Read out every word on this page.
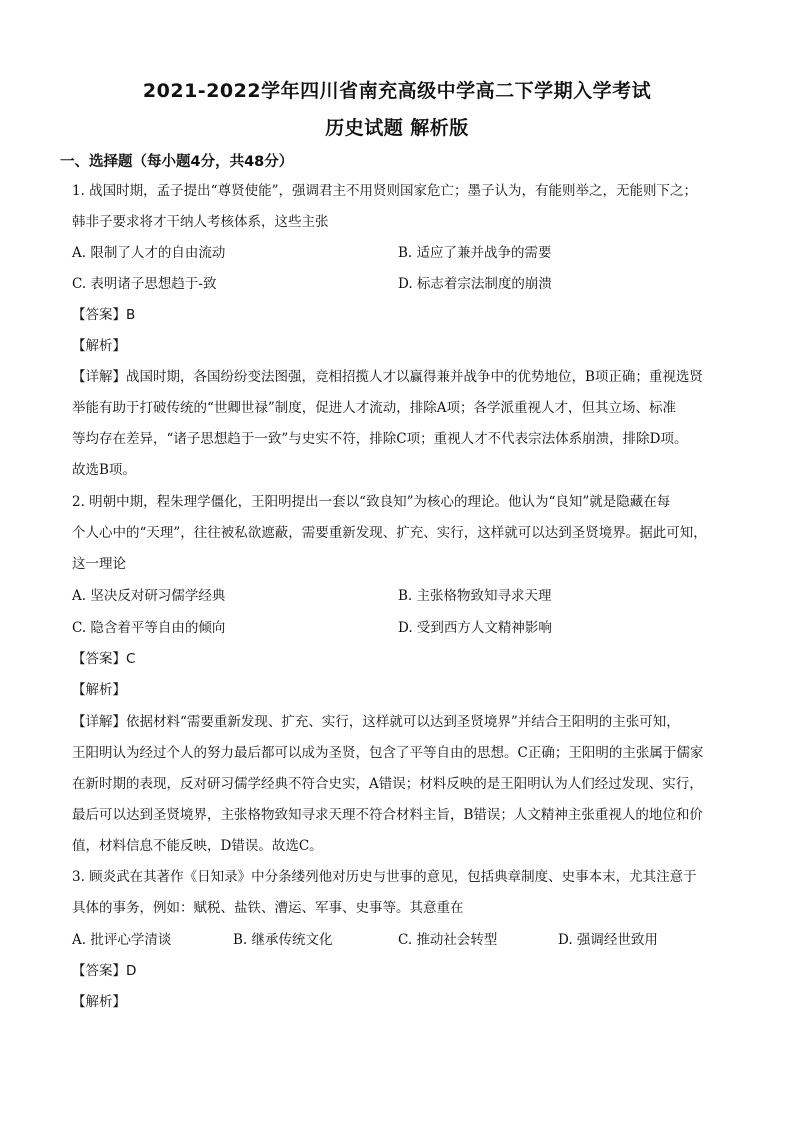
2021-2022学年四川省南充高级中学高二下学期入学考试
历史试题 解析版
一、选择题（每小题4分，共48分）
1. 战国时期，孟子提出“尊贤使能”，强调君主不用贤则国家危亡；墨子认为，有能则举之，无能则下之；
韩非子要求将才干纳人考核体系，这些主张
A. 限制了人才的自由流动	B. 适应了兼并战争的需要
C. 表明诸子思想趋于-致	D. 标志着宗法制度的崩溃
【答案】B
【解析】
【详解】战国时期，各国纷纷变法图强，竞相招揽人才以赢得兼并战争中的优势地位，B项正确；重视选贤
举能有助于打破传统的“世卿世禄”制度，促进人才流动，排除A项；各学派重视人才，但其立场、标准
等均存在差异，“诸子思想趋于一致”与史实不符，排除C项；重视人才不代表宗法体系崩溃，排除D项。
故选B项。
2. 明朝中期，程朱理学僵化，王阳明提出一套以“致良知”为核心的理论。他认为“良知”就是隐藏在每
个人心中的“天理”，往往被私欲遮蔽，需要重新发现、扩充、实行，这样就可以达到圣贤境界。据此可知，
这一理论
A. 坚决反对研习儒学经典	B. 主张格物致知寻求天理
C. 隐含着平等自由的倾向	D. 受到西方人文精神影响
【答案】C
【解析】
【详解】依据材料“需要重新发现、扩充、实行，这样就可以达到圣贤境界”并结合王阳明的主张可知，
王阳明认为经过个人的努力最后都可以成为圣贤，包含了平等自由的思想。C正确；王阳明的主张属于儒家
在新时期的表现，反对研习儒学经典不符合史实，A错误；材料反映的是王阳明认为人们经过发现、实行，
最后可以达到圣贤境界，主张格物致知寻求天理不符合材料主旨，B错误；人文精神主张重视人的地位和价
值，材料信息不能反映，D错误。故选C。
3. 顾炎武在其著作《日知录》中分条缕列他对历史与世事的意见，包括典章制度、史事本末，尤其注意于
具体的事务，例如：赋税、盐铁、漕运、军事、史事等。其意重在
A. 批评心学清谈	B. 继承传统文化	C. 推动社会转型	D. 强调经世致用
【答案】D
【解析】
